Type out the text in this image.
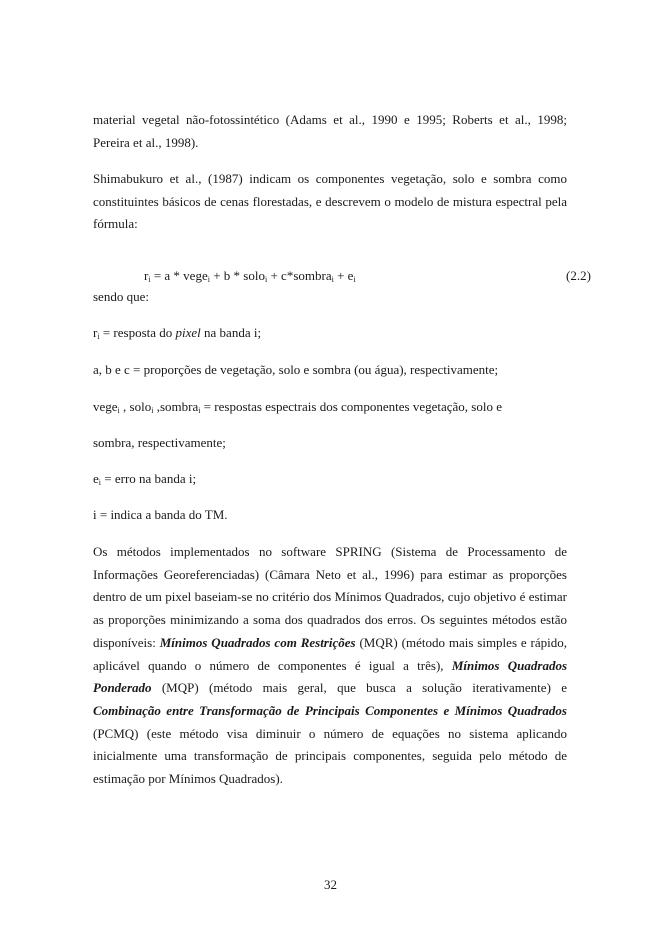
material vegetal não-fotossintético (Adams et al., 1990 e 1995; Roberts et al., 1998; Pereira et al., 1998).

Shimabukuro et al., (1987) indicam os componentes vegetação, solo e sombra como constituintes básicos de cenas florestadas, e descrevem o modelo de mistura espectral pela fórmula:

$r_i = a$ * vege$_i$ + b * solo$_i$ + c*sombra$_i$ + $e_i$	(2.2)
sendo que:
$r_i$ = resposta do pixel na banda i;
a, b e c = proporções de vegetação, solo e sombra (ou água), respectivamente;
vege$_i$ , solo$_i$ ,sombra$_i$ = respostas espectrais dos componentes vegetação, solo e
sombra, respectivamente;
$e_i$ = erro na banda i;
i = indica a banda do TM.

Os métodos implementados no software SPRING (Sistema de Processamento de Informações Georeferenciadas) (Câmara Neto et al., 1996) para estimar as proporções dentro de um pixel baseiam-se no critério dos Mínimos Quadrados, cujo objetivo é estimar as proporções minimizando a soma dos quadrados dos erros. Os seguintes métodos estão disponíveis: Mínimos Quadrados com Restrições (MQR) (método mais simples e rápido, aplicável quando o número de componentes é igual a três), Mínimos Quadrados Ponderado (MQP) (método mais geral, que busca a solução iterativamente) e Combinação entre Transformação de Principais Componentes e Mínimos Quadrados (PCMQ) (este método visa diminuir o número de equações no sistema aplicando inicialmente uma transformação de principais componentes, seguida pelo método de estimação por Mínimos Quadrados).

32
